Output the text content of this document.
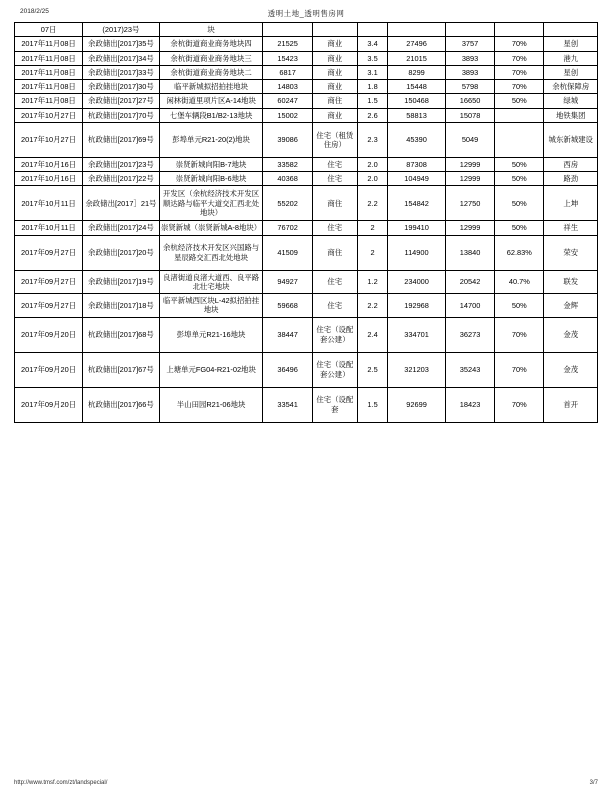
2018/2/25	透明土地_透明售房网
07日	(2017)23号	块							
2017年11月08日	余政储出[2017]35号	余杭街道商业商务地块四	21525	商业	3.4	27496	3757	70%	星创
2017年11月08日	余政储出[2017]34号	余杭街道商业商务地块三	15423	商业	3.5	21015	3893	70%	港九
2017年11月08日	余政储出[2017]33号	余杭街道商业商务地块二	6817	商业	3.1	8299	3893	70%	星创
2017年11月08日	余政储出[2017]30号	临平新城拟招拍挂地块	14803	商业	1.8	15448	5798	70%	余杭保障房
2017年11月08日	余政储出[2017]27号	闲林街道里项片区A-14地块	60247	商住	1.5	150468	16650	50%	绿城
2017年10月27日	杭政储出[2017]70号	七堡车辆段B1/B2-13地块	15002	商业	2.6	58813	15078		地铁集团
2017年10月27日	杭政储出[2017]69号	彭埠单元R21-20(2)地块	39086	住宅（租赁住房）	2.3	45390	5049		城东新城建设
2017年10月16日	余政储出[2017]23号	崇贤新城向阳B-7地块	33582	住宅	2.0	87308	12999	50%	西房
2017年10月16日	余政储出[2017]22号	崇贤新城向阳B-6地块	40368	住宅	2.0	104949	12999	50%	路劲
2017年10月11日	余政储出[2017］21号	开发区（余杭经济技术开发区顺达路与临平大道交汇西北处地块）	55202	商住	2.2	154842	12750	50%	上坤
2017年10月11日	余政储出[2017]24号	崇贤新城（崇贤新城A-8地块）	76702	住宅	2	199410	12999	50%	祥生
2017年09月27日	余政储出[2017]20号	余杭经济技术开发区兴国路与星辰路交汇西北处地块	41509	商住	2	114900	13840	62.83%	荣安
2017年09月27日	余政储出[2017]19号	良渚街道良渚大道西、良平路北壮宅地块	94927	住宅	1.2	234000	20542	40.7%	联发
2017年09月27日	余政储出[2017]18号	临平新城西区块L-42拟招拍挂地块	59668	住宅	2.2	192968	14700	50%	金辉
2017年09月20日	杭政储出[2017]68号	彭埠单元R21-16地块	38447	住宅（设配套公建）	2.4	334701	36273	70%	金茂
2017年09月20日	杭政储出[2017]67号	上塘单元FG04-R21-02地块	36496	住宅（设配套公建）	2.5	321203	35243	70%	金茂
2017年09月20日	杭政储出[2017]66号	半山田园R21-06地块	33541	住宅（设配套	1.5	92699	18423	70%	首开
http://www.tmsf.com/zt/landspecial/	3/7
